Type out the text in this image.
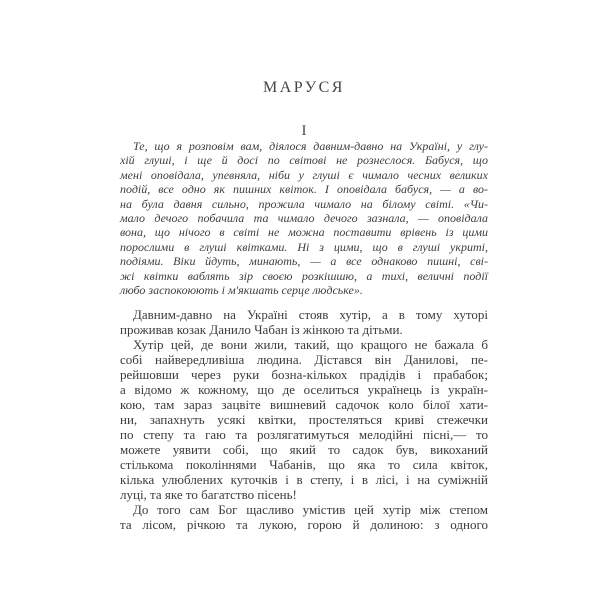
МАРУСЯ
I
Те, що я розповім вам, діялося давним-давно на Україні, у глу-
хій глуші, і ще й досі по світові не рознеслося. Бабуся, що
мені оповідала, упевняла, ніби у глуші є чимало чесних великих
подій, все одно як пишних квіток. І оповідала бабуся, — а во-
на була давня сильно, прожила чимало на білому світі. «Чи-
мало дечого побачила та чимало дечого зазнала, — оповідала
вона, що нічого в світі не можна поставити врівень із цими
порослими в глуші квітками. Ні з цими, що в глуші укриті,
подіями. Віки йдуть, минають, — а все однаково пишні, сві-
жі квітки ваблять зір своєю розкішшю, а тихі, величні події
любо заспокоюють і м'якшать серце людське».
Давним-давно на Україні стояв хутір, а в тому хуторі
проживав козак Данило Чабан із жінкою та дітьми.
Хутір цей, де вони жили, такий, що кращого не бажала б
собі найвередливіша людина. Дістався він Данилові, пе-
рейшовши через руки бозна-кількох прадідів і прабабок;
а відомо ж кожному, що де оселиться українець із україн-
кою, там зараз зацвіте вишневий садочок коло білої хати-
ни, запахнуть усякі квітки, простеляться криві стежечки
по степу та гаю та розлягатимуться мелодійні пісні,— то
можете уявити собі, що який то садок був, викоханий
стількома поколіннями Чабанів, що яка то сила квіток,
кілька улюблених куточків і в степу, і в лісі, і на суміжній
луці, та яке то багатство пісень!
До того сам Бог щасливо умістив цей хутір між степом
та лісом, річкою та лукою, горою й долиною: з одного
